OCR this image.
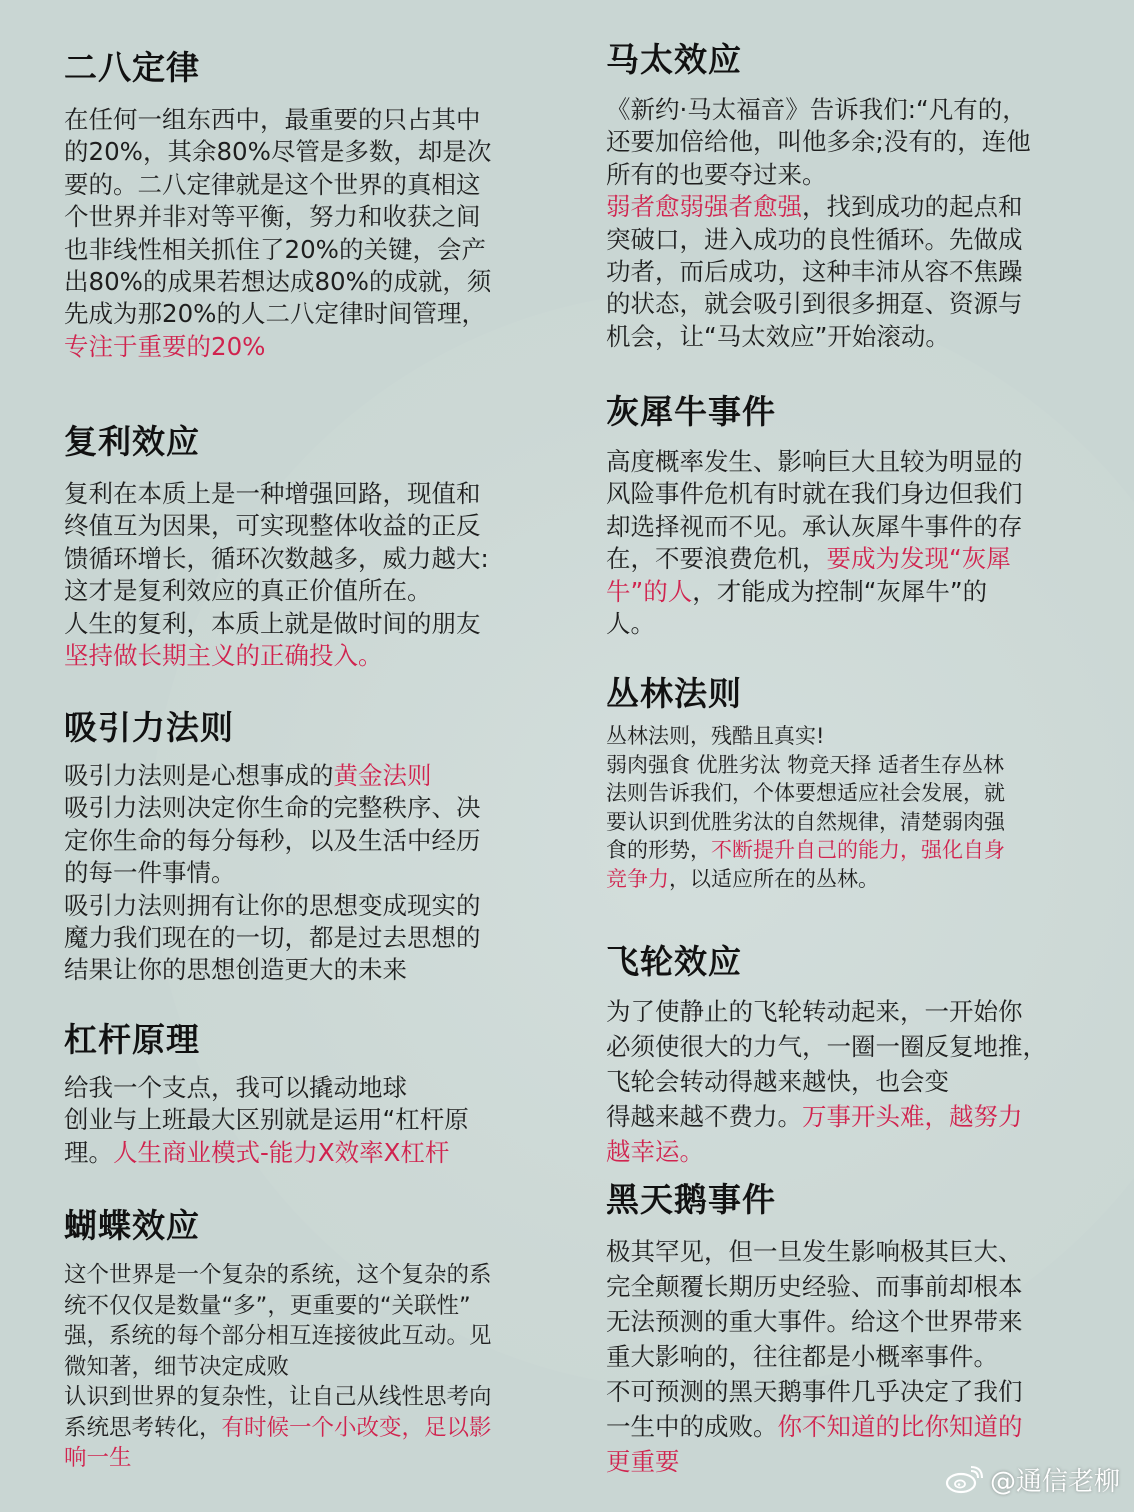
二八定律
在任何一组东西中，最重要的只占其中
的20%，其余80%尽管是多数，却是次
要的。二八定律就是这个世界的真相这
个世界并非对等平衡，努力和收获之间
也非线性相关抓住了20%的关键，会产
出80%的成果若想达成80%的成就，须
先成为那20%的人二八定律时间管理，
专注于重要的20%
复利效应
复利在本质上是一种增强回路，现值和
终值互为因果，可实现整体收益的正反
馈循环增长，循环次数越多，威力越大:
这才是复利效应的真正价值所在。
人生的复利，本质上就是做时间的朋友
坚持做长期主义的正确投入。
吸引力法则
吸引力法则是心想事成的黄金法则
吸引力法则决定你生命的完整秩序、决
定你生命的每分每秒，以及生活中经历
的每一件事情。
吸引力法则拥有让你的思想变成现实的
魔力我们现在的一切，都是过去思想的
结果让你的思想创造更大的未来
杠杆原理
给我一个支点，我可以撬动地球
创业与上班最大区别就是运用“杠杆原
理。人生商业模式-能力X效率X杠杆
蝴蝶效应
这个世界是一个复杂的系统，这个复杂的系
统不仅仅是数量“多”，更重要的“关联性”
强，系统的每个部分相互连接彼此互动。见
微知著，细节决定成败
认识到世界的复杂性，让自己从线性思考向
系统思考转化，有时候一个小改变，足以影
响一生
马太效应
《新约·马太福音》告诉我们:“凡有的，
还要加倍给他，叫他多余;没有的，连他
所有的也要夺过来。
弱者愈弱强者愈强，找到成功的起点和
突破口，进入成功的良性循环。先做成
功者，而后成功，这种丰沛从容不焦躁
的状态，就会吸引到很多拥趸、资源与
机会，让“马太效应”开始滚动。
灰犀牛事件
高度概率发生、影响巨大且较为明显的
风险事件危机有时就在我们身边但我们
却选择视而不见。承认灰犀牛事件的存
在，不要浪费危机，要成为发现“灰犀
牛”的人，才能成为控制“灰犀牛”的
人。
丛林法则
丛林法则，残酷且真实!
弱肉强食 优胜劣汰 物竞天择 适者生存丛林
法则告诉我们，个体要想适应社会发展，就
要认识到优胜劣汰的自然规律，清楚弱肉强
食的形势，不断提升自己的能力，强化自身
竞争力，以适应所在的丛林。
飞轮效应
为了使静止的飞轮转动起来，一开始你
必须使很大的力气，一圈一圈反复地推，
飞轮会转动得越来越快，也会变
得越来越不费力。万事开头难，越努力
越幸运。
黑天鹅事件
极其罕见，但一旦发生影响极其巨大、
完全颠覆长期历史经验、而事前却根本
无法预测的重大事件。给这个世界带来
重大影响的，往往都是小概率事件。
不可预测的黑天鹅事件几乎决定了我们
一生中的成败。你不知道的比你知道的
更重要
@通信老柳
